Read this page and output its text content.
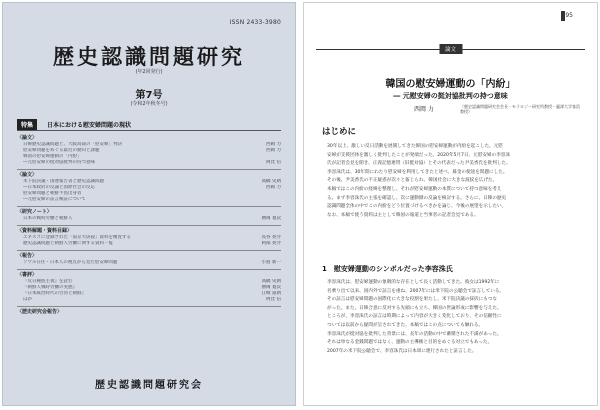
ISSN 2433-3980
歴史認識問題研究
(年2回発行)
第7号
(令和2年秋冬号)
特集	日本における慰安婦問題の現状
〈論文〉
日韓歴史認識問題と、大阪高裁の「慰安婦」判決	西岡 力
慰安婦問題をめぐる最近の動向と課題	西岡 力
韓国の慰安婦運動の「内紛」
―元慰安婦の挺対協批判の持つ意味	阿比 信
〈論文〉
米下院決議・国連報告書と歴史認識問題	高橋 史朗
―日本政府の反論と国際社会の反応	西岡 力
慰安婦問題と朝鮮半島出身者
―元慰安婦の証言検証について
〈研究ノート〉
日本の戦時労働と朝鮮人	勝岡 寛次
〈資料解題・資料目録〉
ユネスコに登録された「南京大虐殺」資料を精査する	長谷 亮介
歴史認識問題と朝鮮人労働に関する資料一覧	阿部 亮介
〈報告〉
ソウル在住・日本人の視点から見た慰安婦問題	小島 新一
〈書評〉
『反日種族主義』を読む	高橋 史朗
『朝鮮人戦時労働の実態』	勝岡 寛次
『日本統治時代の台湾と朝鮮』	江崎 道朗
ほか	阿比 信
〈歴史研究会報告〉
歴史認識問題研究会
95
論文
韓国の慰安婦運動の「内紛」
― 元慰安婦の挺対協批判の持つ意味
西岡 力	（歴史認識問題研究会会長・モラロジー研究所教授・麗澤大学客員教授）
はじめに

30年以上、激しい反日活動を展開してきた韓国の慰安婦運動が内紛を起こした。元慰

安婦が支援団体を激しく批判したことが発端だった。2020年5月7日、元慰安婦の李容洙

氏が記者会見を開き、正義記憶連帯（旧挺対協）とその代表だった尹美香氏を批判した。

李容洙氏は、30年間にわたり慰安婦を利用してきたと述べ、募金の使途を問題にした。

その後、尹美香氏の不正疑惑が次々と報じられ、韓国社会に大きな波紋を広げた。

本稿ではこの内紛の経緯を整理し、それが慰安婦運動の本質について持つ意味を考え

る。まず李容洙氏の主張を確認し、次に運動側の反論を検討する。さらに、日韓の歴史

認識問題全体の中でこの内紛をどう位置づけるべきかを論じ、今後の展望を示したい。

なお、本稿で使う資料は主として韓国の報道と当事者の記者会見である。

1　慰安婦運動のシンボルだった李容洙氏

李容洙氏は、慰安婦運動の象徴的な存在として長く活動してきた。彼女は1992年に

名乗り出て以来、国内外で証言を重ね、2007年には米下院の公聴会で証言している。

その証言は慰安婦問題の国際化に大きな役割を果たし、米下院決議の採択にもつな

がった。また、日韓合意に反対する先頭にも立ち、韓国の世論形成に影響を与えた。

ところが、李容洙氏の証言は時期によって内容が大きく変化しており、その信頼性に

ついては以前から疑問が呈されてきた。本稿ではこの点についても触れる。

李容洙氏が挺対協を批判した背景には、長年の活動の中で蓄積された不満があった。

それは単なる金銭問題ではなく、運動の主導権と目的をめぐる対立でもあった。

2007年の米下院公聴会で、李容洙氏は日本軍に連行されたと証言した。
